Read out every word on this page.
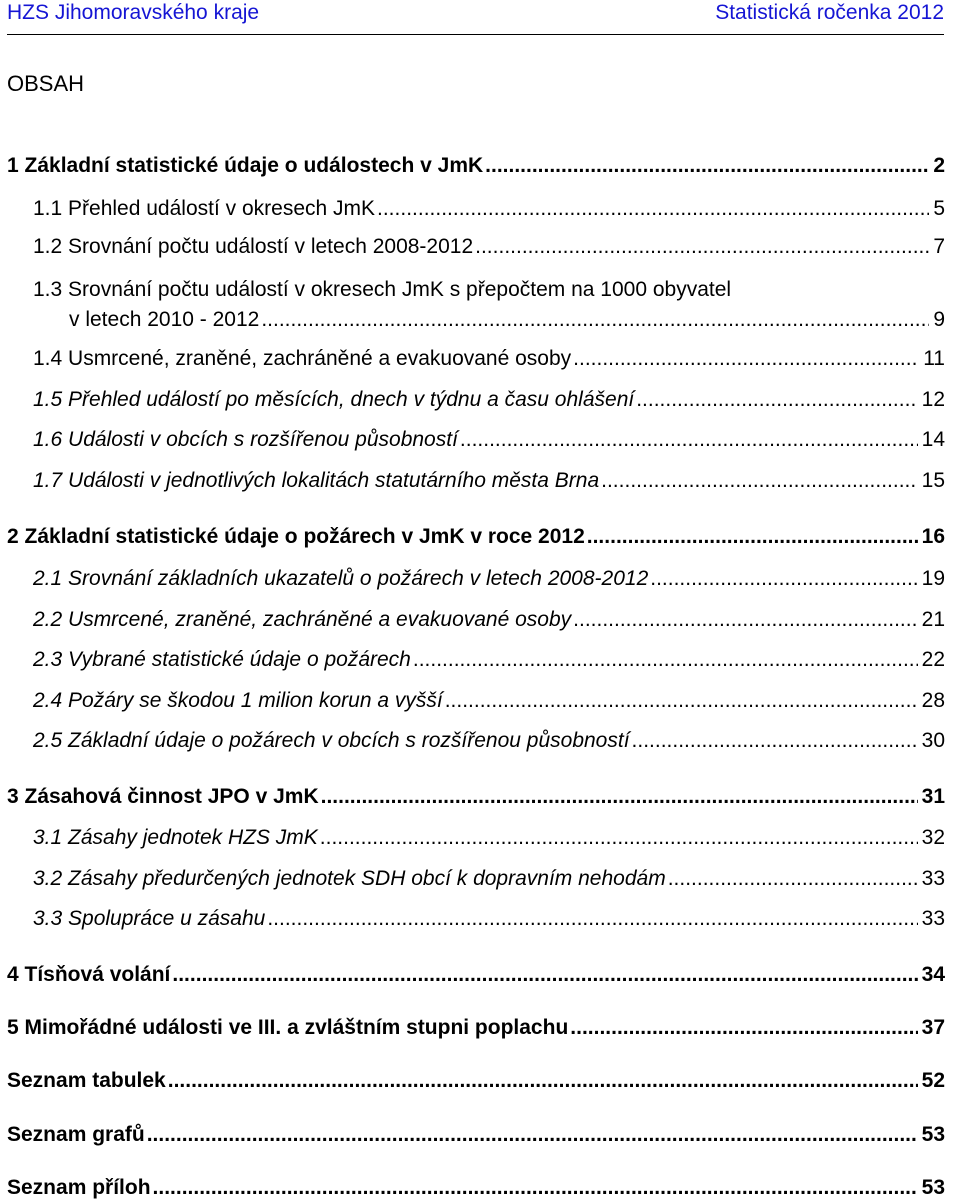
HZS Jihomoravského kraje	Statistická ročenka 2012
OBSAH
1 Základní statistické údaje o událostech v JmK .....	2
1.1 Přehled událostí v okresech JmK .....	5
1.2 Srovnání počtu událostí v letech 2008-2012 .....	7
1.3 Srovnání počtu událostí v okresech JmK s přepočtem na 1000 obyvatel
v letech 2010 - 2012 .....	9
1.4 Usmrcené, zraněné, zachráněné a evakuované osoby .....	11
1.5 Přehled událostí po měsících, dnech v týdnu a času ohlášení .....	12
1.6 Události v obcích s rozšířenou působností .....	14
1.7 Události v jednotlivých lokalitách statutárního města Brna .....	15
2 Základní statistické údaje o požárech v JmK v roce 2012 .....	16
2.1 Srovnání základních ukazatelů o požárech v letech 2008-2012 .....	19
2.2 Usmrcené, zraněné, zachráněné a evakuované osoby .....	21
2.3 Vybrané statistické údaje o požárech .....	22
2.4 Požáry se škodou 1 milion korun a vyšší .....	28
2.5 Základní údaje o požárech v obcích s rozšířenou působností .....	30
3 Zásahová činnost JPO v JmK .....	31
3.1 Zásahy jednotek HZS JmK .....	32
3.2 Zásahy předurčených jednotek SDH obcí k dopravním nehodám .....	33
3.3 Spolupráce u zásahu .....	33
4 Tísňová volání .....	34
5 Mimořádné události ve III. a zvláštním stupni poplachu .....	37
Seznam tabulek .....	52
Seznam grafů .....	53
Seznam příloh .....	53
